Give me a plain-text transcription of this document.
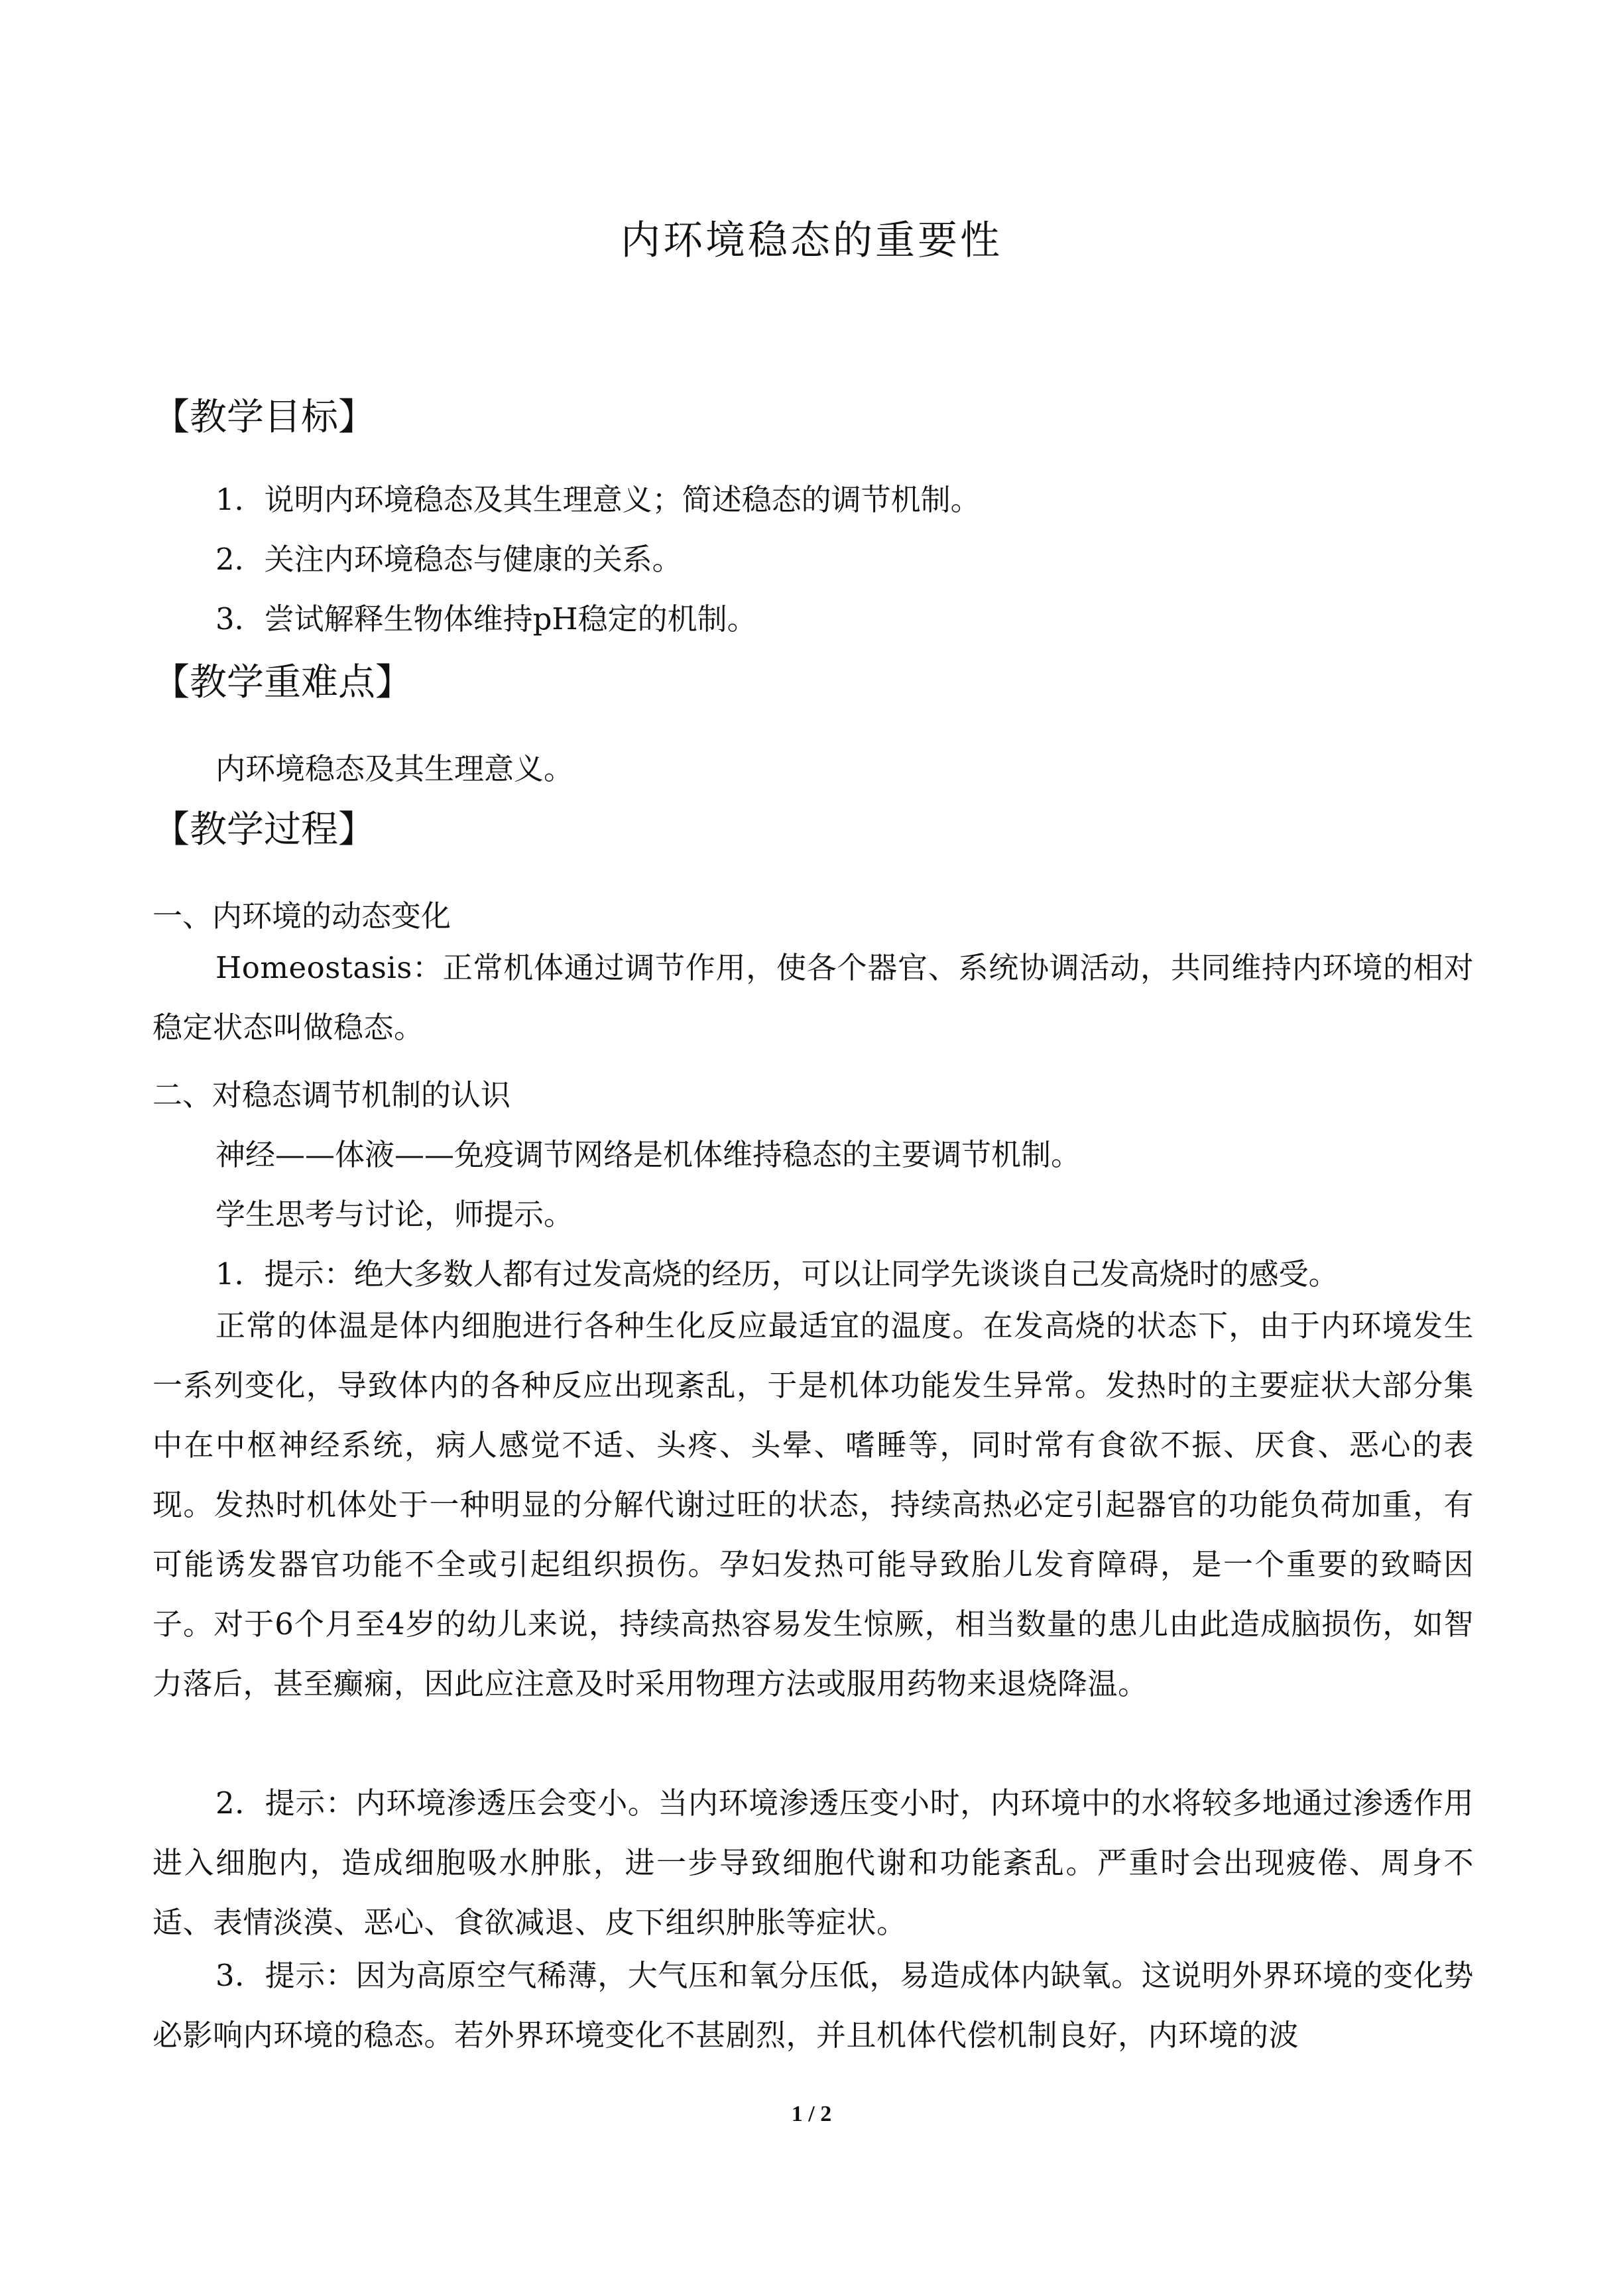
内环境稳态的重要性
【教学目标】
1．说明内环境稳态及其生理意义；简述稳态的调节机制。
2．关注内环境稳态与健康的关系。
3．尝试解释生物体维持pH稳定的机制。
【教学重难点】
内环境稳态及其生理意义。
【教学过程】
一、内环境的动态变化
Homeostasis：正常机体通过调节作用，使各个器官、系统协调活动，共同维持内环境的相对稳定状态叫做稳态。
二、对稳态调节机制的认识
神经——体液——免疫调节网络是机体维持稳态的主要调节机制。
学生思考与讨论，师提示。
1．提示：绝大多数人都有过发高烧的经历，可以让同学先谈谈自己发高烧时的感受。
正常的体温是体内细胞进行各种生化反应最适宜的温度。在发高烧的状态下，由于内环境发生一系列变化，导致体内的各种反应出现紊乱，于是机体功能发生异常。发热时的主要症状大部分集中在中枢神经系统，病人感觉不适、头疼、头晕、嗜睡等，同时常有食欲不振、厌食、恶心的表现。发热时机体处于一种明显的分解代谢过旺的状态，持续高热必定引起器官的功能负荷加重，有可能诱发器官功能不全或引起组织损伤。孕妇发热可能导致胎儿发育障碍，是一个重要的致畸因子。对于6个月至4岁的幼儿来说，持续高热容易发生惊厥，相当数量的患儿由此造成脑损伤，如智力落后，甚至癫痫，因此应注意及时采用物理方法或服用药物来退烧降温。
2．提示：内环境渗透压会变小。当内环境渗透压变小时，内环境中的水将较多地通过渗透作用进入细胞内，造成细胞吸水肿胀，进一步导致细胞代谢和功能紊乱。严重时会出现疲倦、周身不适、表情淡漠、恶心、食欲减退、皮下组织肿胀等症状。
3．提示：因为高原空气稀薄，大气压和氧分压低，易造成体内缺氧。这说明外界环境的变化势必影响内环境的稳态。若外界环境变化不甚剧烈，并且机体代偿机制良好，内环境的波
1 / 2
